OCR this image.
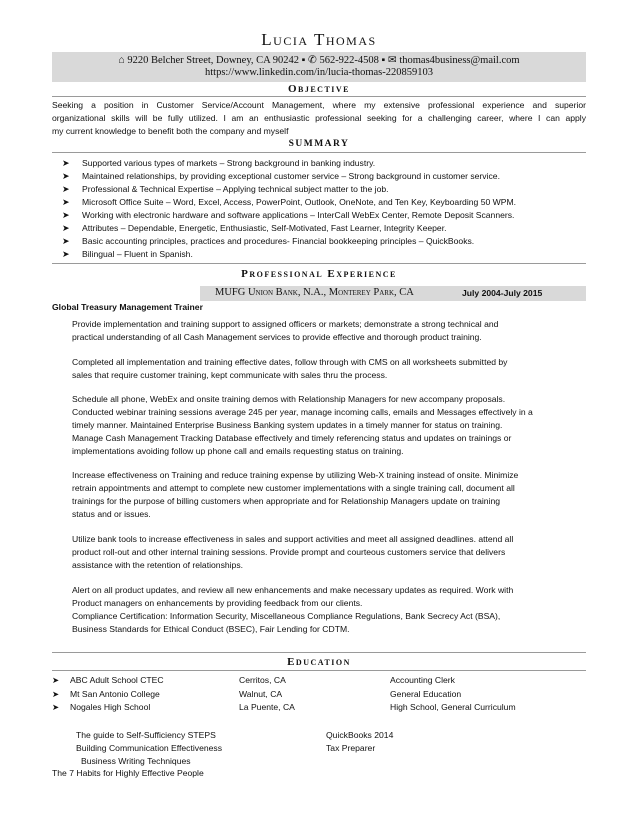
Lucia Thomas
⌂ 9220 Belcher Street, Downey, CA 90242 ▪ ✆ 562-922-4508 ▪ ✉ thomas4business@mail.com
https://www.linkedin.com/in/lucia-thomas-220859103
Objective
Seeking a position in Customer Service/Account Management, where my extensive professional experience and superior
organizational skills will be fully utilized. I am an enthusiastic professional seeking for a challenging career, where I can apply
my current knowledge to benefit both the company and myself
SUMMARY
➤ Supported various types of markets – Strong background in banking industry.
➤ Maintained relationships, by providing exceptional customer service – Strong background in customer service.
➤ Professional & Technical Expertise – Applying technical subject matter to the job.
➤ Microsoft Office Suite – Word, Excel, Access, PowerPoint, Outlook, OneNote, and Ten Key, Keyboarding 50 WPM.
➤ Working with electronic hardware and software applications – InterCall WebEx Center, Remote Deposit Scanners.
➤ Attributes – Dependable, Energetic, Enthusiastic, Self-Motivated, Fast Learner, Integrity Keeper.
➤ Basic accounting principles, practices and procedures- Financial bookkeeping principles – QuickBooks.
➤ Bilingual – Fluent in Spanish.
Professional Experience
MUFG Union Bank, N.A., Monterey Park, CA	July 2004-July 2015
Global Treasury Management Trainer
Provide implementation and training support to assigned officers or markets; demonstrate a strong technical and
practical understanding of all Cash Management services to provide effective and thorough product training.
Completed all implementation and training effective dates, follow through with CMS on all worksheets submitted by
sales that require customer training, kept communicate with sales thru the process.
Schedule all phone, WebEx and onsite training demos with Relationship Managers for new accompany proposals.
Conducted webinar training sessions average 245 per year, manage incoming calls, emails and Messages effectively in a
timely manner. Maintained Enterprise Business Banking system updates in a timely manner for status on training.
Manage Cash Management Tracking Database effectively and timely referencing status and updates on trainings or
implementations avoiding follow up phone call and emails requesting status on training.
Increase effectiveness on Training and reduce training expense by utilizing Web-X training instead of onsite. Minimize
retrain appointments and attempt to complete new customer implementations with a single training call, document all
trainings for the purpose of billing customers when appropriate and for Relationship Managers update on training
status and or issues.
Utilize bank tools to increase effectiveness in sales and support activities and meet all assigned deadlines. attend all
product roll-out and other internal training sessions. Provide prompt and courteous customers service that delivers
assistance with the retention of relationships.
Alert on all product updates, and review all new enhancements and make necessary updates as required. Work with
Product managers on enhancements by providing feedback from our clients.
Compliance Certification: Information Security, Miscellaneous Compliance Regulations, Bank Secrecy Act (BSA),
Business Standards for Ethical Conduct (BSEC), Fair Lending for CDTM.
Education
➤ ABC Adult School CTEC	Cerritos, CA	Accounting Clerk
➤ Mt San Antonio College	Walnut, CA	General Education
➤ Nogales High School	La Puente, CA	High School, General Curriculum
The guide to Self-Sufficiency STEPS
Building Communication Effectiveness
Business Writing Techniques
QuickBooks 2014
Tax Preparer
The 7 Habits for Highly Effective People
